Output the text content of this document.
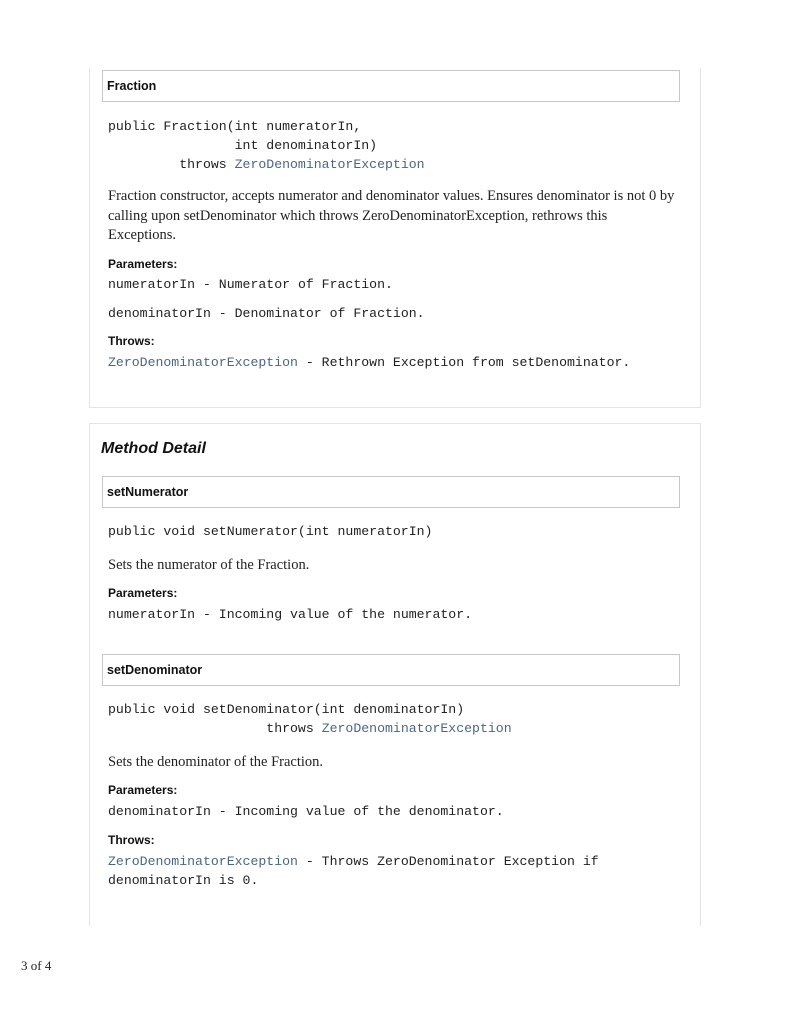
Fraction
public Fraction(int numeratorIn,
int denominatorIn)
throws ZeroDenominatorException
Fraction constructor, accepts numerator and denominator values. Ensures denominator is not 0 by calling upon setDenominator which throws ZeroDenominatorException, rethrows this Exceptions.
Parameters:
numeratorIn - Numerator of Fraction.
denominatorIn - Denominator of Fraction.
Throws:
ZeroDenominatorException - Rethrown Exception from setDenominator.
Method Detail
setNumerator
public void setNumerator(int numeratorIn)
Sets the numerator of the Fraction.
Parameters:
numeratorIn - Incoming value of the numerator.
setDenominator
public void setDenominator(int denominatorIn)
throws ZeroDenominatorException
Sets the denominator of the Fraction.
Parameters:
denominatorIn - Incoming value of the denominator.
Throws:
ZeroDenominatorException - Throws ZeroDenominator Exception if
denominatorIn is 0.
3 of 4
